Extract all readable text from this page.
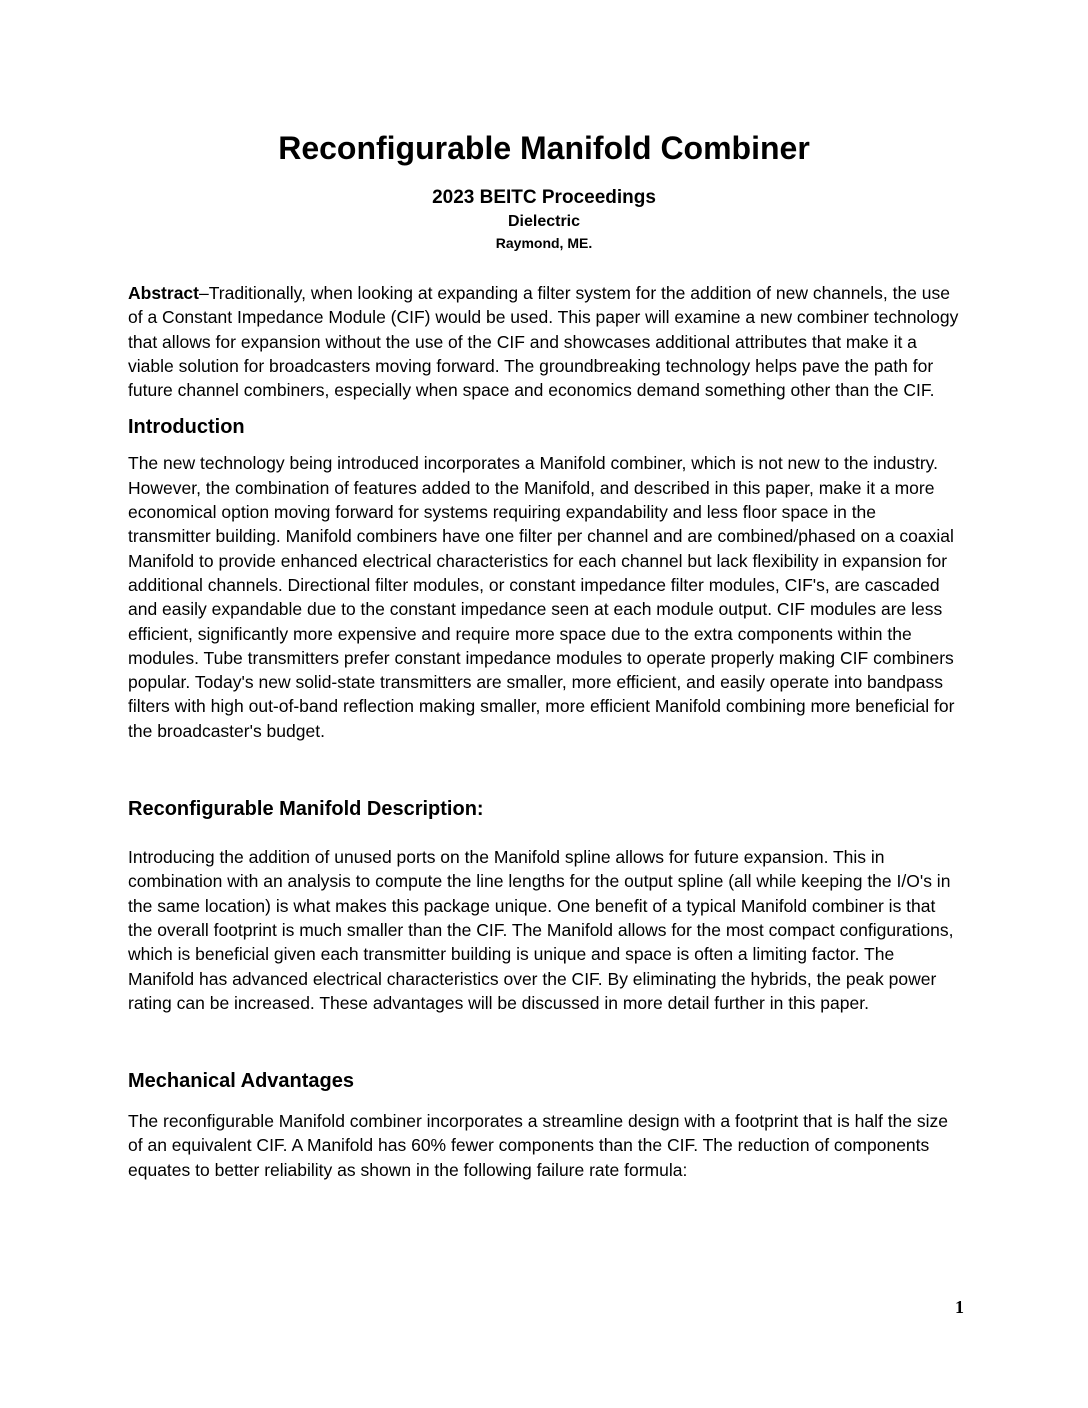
Reconfigurable Manifold Combiner
2023 BEITC Proceedings
Dielectric
Raymond, ME.

Abstract–Traditionally, when looking at expanding a filter system for the addition of new channels, the use of a Constant Impedance Module (CIF) would be used. This paper will examine a new combiner technology that allows for expansion without the use of the CIF and showcases additional attributes that make it a viable solution for broadcasters moving forward. The groundbreaking technology helps pave the path for future channel combiners, especially when space and economics demand something other than the CIF.

Introduction

The new technology being introduced incorporates a Manifold combiner, which is not new to the industry. However, the combination of features added to the Manifold, and described in this paper, make it a more economical option moving forward for systems requiring expandability and less floor space in the transmitter building. Manifold combiners have one filter per channel and are combined/phased on a coaxial Manifold to provide enhanced electrical characteristics for each channel but lack flexibility in expansion for additional channels. Directional filter modules, or constant impedance filter modules, CIF's, are cascaded and easily expandable due to the constant impedance seen at each module output. CIF modules are less efficient, significantly more expensive and require more space due to the extra components within the modules. Tube transmitters prefer constant impedance modules to operate properly making CIF combiners popular. Today's new solid-state transmitters are smaller, more efficient, and easily operate into bandpass filters with high out-of-band reflection making smaller, more efficient Manifold combining more beneficial for the broadcaster's budget.

Reconfigurable Manifold Description:

Introducing the addition of unused ports on the Manifold spline allows for future expansion. This in combination with an analysis to compute the line lengths for the output spline (all while keeping the I/O's in the same location) is what makes this package unique. One benefit of a typical Manifold combiner is that the overall footprint is much smaller than the CIF. The Manifold allows for the most compact configurations, which is beneficial given each transmitter building is unique and space is often a limiting factor. The Manifold has advanced electrical characteristics over the CIF. By eliminating the hybrids, the peak power rating can be increased. These advantages will be discussed in more detail further in this paper.

Mechanical Advantages

The reconfigurable Manifold combiner incorporates a streamline design with a footprint that is half the size of an equivalent CIF. A Manifold has 60% fewer components than the CIF. The reduction of components equates to better reliability as shown in the following failure rate formula:

1
